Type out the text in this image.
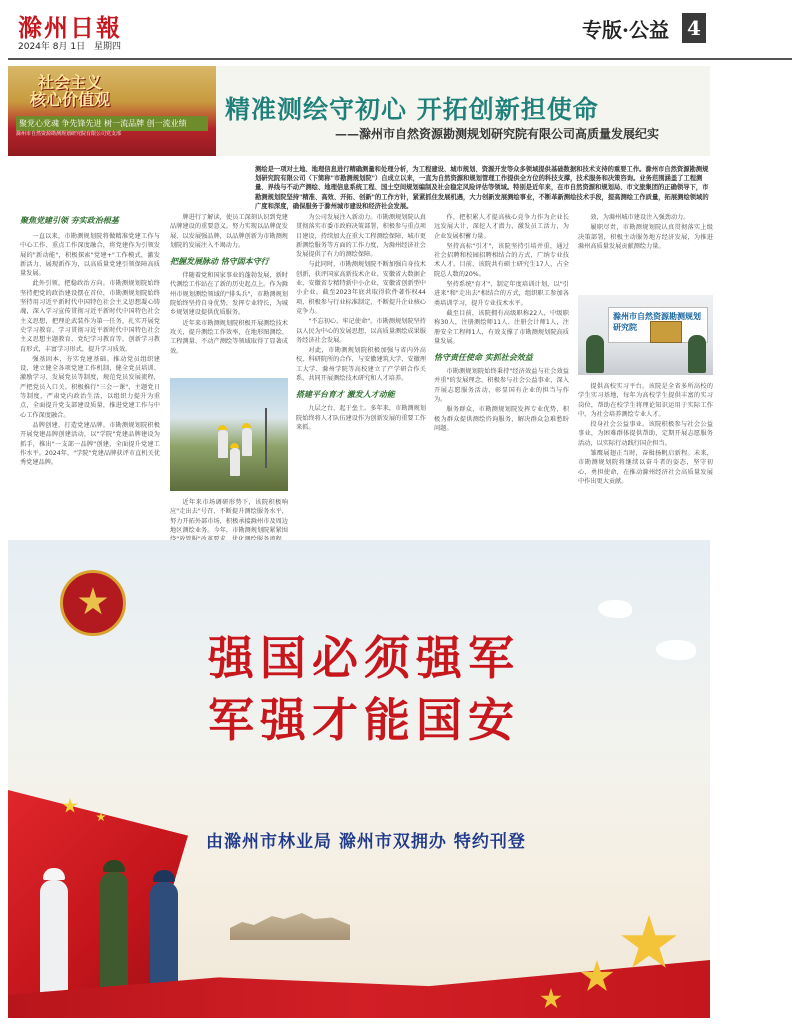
滁州日報
2024年 8月 1日 星期四
专版·公益 4
社会主义
核心价值观
聚党心党魂 争先锋先进 树一流品牌 创一流业绩
滁州市自然资源勘测规划研究院有限公司党支部
精准测绘守初心 开拓创新担使命
——滁州市自然资源勘测规划研究院有限公司高质量发展纪实
测绘是一项对土地、地理信息进行精确测量和处理分析，为工程建设、城市规划、资源开发等众多领域提供基础数据和技术支持的重要工作。滁州市自然资源勘测规划研究院有限公司（下简称"市勘测规划院"）自成立以来，一直为自然资源和规划管理工作提供全方位的科技支撑，技术服务和决策咨询。业务范围涵盖了工程测量、界线与不动产测绘、地理信息系统工程、国土空间规划编制及社会稳定风险评估等领域。特别是近年来，在市自然资源和规划局、市文旅集团的正确领导下，市勘测规划院坚持"精准、高效、开拓、创新"的工作方针，紧紧抓住发展机遇，大力创新发展测绘事业，不断革新测绘技术手段，提高测绘工作质量，拓展测绘领域的广度和深度，确保服务于滁州城市建设和经济社会发展。
聚焦党建引领 夯实政治根基

一直以来，市勘测规划院将做精准党建工作与中心工作、重点工作深度融合，将党建作为引领发展的"新动能"，积极探索"党建+"工作模式，激发新活力、展现新作为，以高质量党建引领保障高质量发展。

此外引领，把稳政治方向。市勘测规划院始终坚持把党的政治建设摆在首位，市勘测规划院始终坚持用习近平新时代中国特色社会主义思想凝心铸魂，深入学习宣传贯彻习近平新时代中国特色社会主义思想，把理论武装作为第一任务，扎实开展党史学习教育、学习贯彻习近平新时代中国特色社会主义思想主题教育、党纪学习教育等，创新学习教育形式，丰富学习形式，提升学习质效。

强基固本，夯实党建基础。推动党员组织建设，建立健全各项党建工作机制，健全党员培训、激励学习、发展党员等制度，规范党员发展流程，严把党员入口关。积极推行"三会一课"、主题党日等制度，严肃党内政治生活，以组织力提升为重点，全面提升党支部建设质量，推进党建工作与中心工作深度融合。

品牌创建，打造党建品牌。市勘测规划院积极开展党建品牌创建活动，以"学院"党建品牌建设为抓手，推出"一支部一品牌"创建，全面提升党建工作水平。2024年，"学院"党建品牌获评市直机关优秀党建品牌。

牌进行了解读，使员工深刻认识到党建品牌建设的重要意义。努力实现以品牌促发展、以发展强品牌，以品牌创新为市勘测规划院的发展注入不竭动力。

把握发展脉动 恪守固本守行

伴随着党和国家事业的蓬勃发展，新时代测绘工作站在了新的历史起点上。作为滁州市规划测绘领域的"排头兵"，市勘测规划院始终坚持自身优势，发挥专业特长，为城乡规划建设提供优质服务。

近年来市勘测规划院积极开展测绘技术攻关，提升测绘工作效率，在地形图测绘、工程测量、不动产测绘等领域取得了显著成效。

近年来市场调研形势下，该院积极响应"走出去"号召，不断提升测绘服务水平，努力开拓外部市场，积极承接滁州市及周边地区测绘业务。今年，市勘测规划院紧紧围

为公司发展注入新动力。市勘测规划院认真贯彻落实市委市政府决策部署，积极参与重点项目建设，持续加大在重大工程测绘保障、城市更新测绘服务等方面的工作力度，为滁州经济社会发展提供了有力的测绘保障。

与此同时，市勘测规划院不断加强自身技术创新，获评国家高新技术企业、安徽省大数据企业、安徽省专精特新中小企业、安徽省创新型中小企业。截至2023年底共取得软件著作权44项、积极参与行业标准制定，不断提升企业核心竞争力。

"不忘初心、牢记使命"。市勘测规划院坚持以人民为中心的发展思想，以高质量测绘成果服务经济社会发展。

对此，市勘测规划院积极加强与省内外高校、科研院所的合作，与安徽建筑大学、安徽理工大学、滁州学院等高校建立了产学研合作关系，共同开展测绘技术研究和人才培养。

搭建平台育才 激发人才动能

九层之台，起于垒土。多年来，市勘测规划院始终将人才队伍建设作为创新发展的重要工作来抓。

作，把积累人才提高核心竞争力作为企业长远发展大计，深挖人才潜力，激发员工活力，为企业发展积蓄力量。

坚持高标"引才"，该院坚持引培并重，通过社会招聘和校园招聘相结合的方式，广纳专业技术人才。目前，该院共有硕士研究生17人，占全院总人数的20%。

坚持系统"育才"，制定年度培训计划，以"引进来"和"走出去"相结合的方式，组织职工参加各类培训学习，提升专业技术水平。

截至目前，该院拥有高级职称22人，中级职称30人，注册测绘师11人、注册会计师1人，注册安全工程师1人，有效支撑了市勘测规划院高质量发展。

恪守责任使命 实抓社会效益

市勘测规划院始终秉持"经济效益与社会效益并重"的发展理念，积极参与社会公益事业，深入开展志愿服务活动，彰显国有企业的担当与作为。

服务群众，市勘测规划院发挥专业优势，积极为群众提供测绘咨询服务，解决群众急难愁盼问题。

效，为滁州城市建设注入强劲动力。

履职尽责，市勘测规划院认真贯彻落实上级决策部署，积极主动服务地方经济发展，为推进滁州高质量发展贡献测绘力量。

滁州市自然资源勘测规划研究院

提供高校实习平台。该院是全省多所高校的学生实习基地，每年为高校学生提供丰富的实习岗位，帮助在校学生将理论知识运用于实际工作中，为社会培养测绘专业人才。

投身社会公益事业。该院积极参与社会公益事业，为困难群体提供帮助，定期开展志愿服务活动，以实际行动践行国企担当。

雏鹰展翅正当时，奋楫扬帆启新程。未来，市勘测规划院将继续以奋斗者的姿态，坚守初心，勇担使命，在推动滁州经济社会高质量发展中作出更大贡献。

强国必须强军
军强才能国安
由滁州市林业局 滁州市双拥办 特约刊登
